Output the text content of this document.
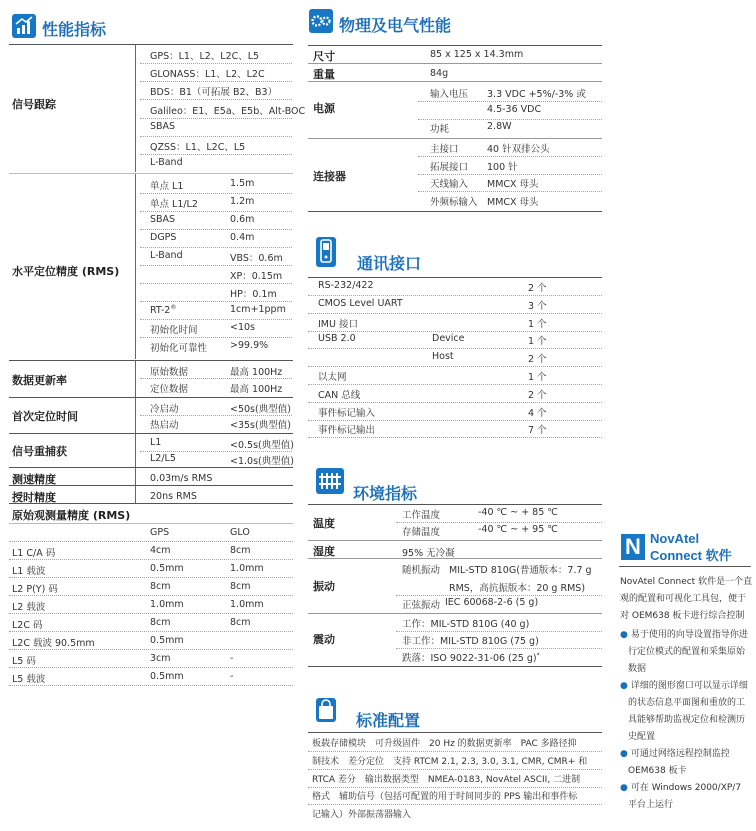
性能指标
信号跟踪
GPS：L1、L2、L2C、L5
GLONASS：L1、L2、L2C
BDS：B1（可拓展 B2、B3）
Galileo：E1、E5a、E5b、Alt-BOC
SBAS
QZSS：L1、L2C、L5
L-Band
水平定位精度 (RMS)
单点 L1	1.5m
单点 L1/L2	1.2m
SBAS	0.6m
DGPS	0.4m
L-Band	VBS：0.6m
XP：0.15m
HP：0.1m
RT-2®	1cm+1ppm
初始化时间	<10s
初始化可靠性 >99.9%
数据更新率
原始数据	最高 100Hz
定位数据	最高 100Hz
首次定位时间
冷启动	<50s(典型值)
热启动	<35s(典型值)
信号重捕获
L1	<0.5s(典型值)
L2/L5	<1.0s(典型值)
测速精度	0.03m/s RMS
授时精度	20ns RMS
原始观测量精度 (RMS)
GPS	GLO
L1 C/A 码	4cm	8cm
L1 载波	0.5mm	1.0mm
L2 P(Y) 码	8cm	8cm
L2 载波	1.0mm	1.0mm
L2C 码	8cm	8cm
L2C 载波 90.5mm	0.5mm
L5 码	3cm	-
L5 载波	0.5mm	-
物理及电气性能
尺寸	85 x 125 x 14.3mm
重量	84g
电源
输入电压 3.3 VDC +5%/-3% 或
4.5-36 VDC
功耗	2.8W
连接器
主接口	40 针双排公头
拓展接口 100 针
天线输入 MMCX 母头
外频标输入 MMCX 母头
通讯接口
RS-232/422	2 个
CMOS Level UART	3 个
IMU 接口	1 个
USB 2.0	Device	1 个
Host	2 个
以太网	1 个
CAN 总线	2 个
事件标记输入	4 个
事件标记输出	7 个
环境指标
温度
工作温度	-40 ℃ ~ + 85 ℃
存储温度	-40 ℃ ~ + 95 ℃
湿度	95% 无冷凝
振动
随机振动 MIL-STD 810G(普通版本：7.7 g
RMS，高抗振版本：20 g RMS)
正弦振动 IEC 60068-2-6 (5 g)
震动
工作：MIL-STD 810G (40 g)
非工作：MIL-STD 810G (75 g)
跌落：ISO 9022-31-06 (25 g)*
标准配置
板载存储模块　可升级固件　20 Hz 的数据更新率　PAC 多路径抑
制技术　差分定位　支持 RTCM 2.1, 2.3, 3.0, 3.1, CMR, CMR+ 和
RTCA 差分　输出数据类型　NMEA-0183, NovAtel ASCII, 二进制
格式　辅助信号（包括可配置的用于时间同步的 PPS 输出和事件标
记输入）外部振荡器输入
N NovAtel
Connect 软件
NovAtel Connect 软件是一个直
观的配置和可视化工具包，便于
对 OEM638 板卡进行综合控制
● 易于使用的向导设置指导你进
行定位模式的配置和采集原始
数据
● 详细的图形窗口可以显示详细
的状态信息平面图和重放的工
具能够帮助监视定位和检测历
史配置
● 可通过网络远程控制监控
OEM638 板卡
● 可在 Windows 2000/XP/7
平台上运行
